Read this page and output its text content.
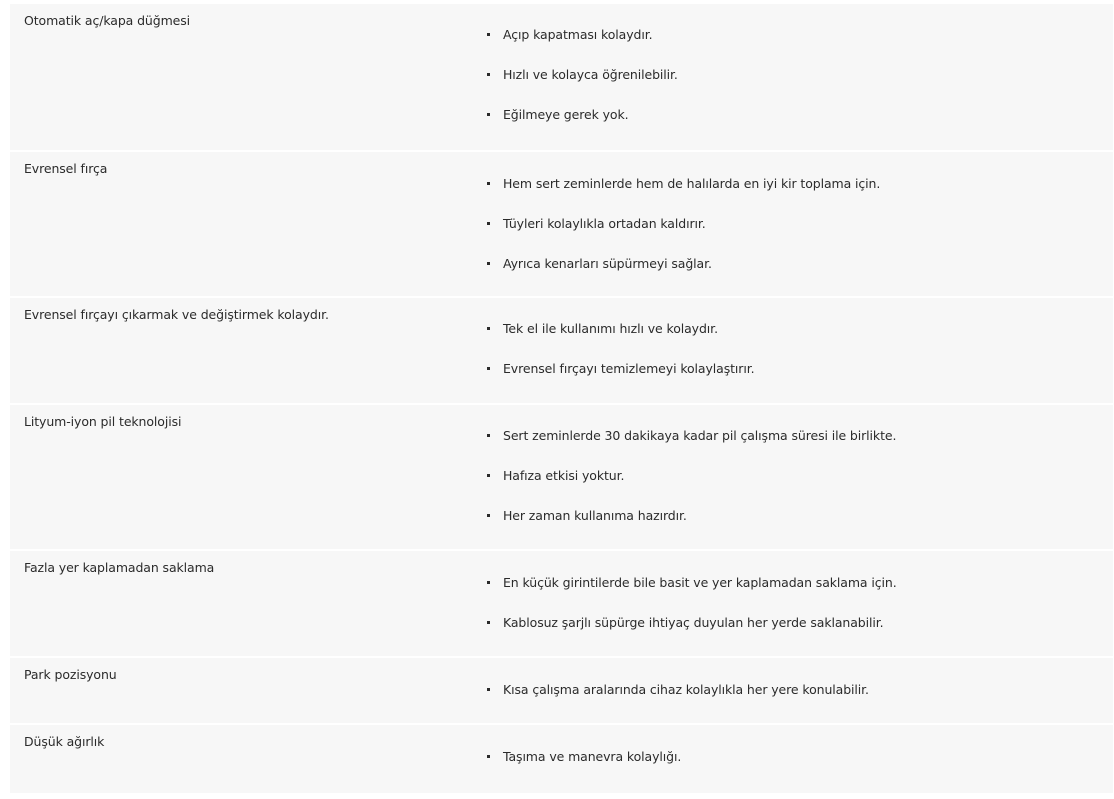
Otomatik aç/kapa düğmesi
Açıp kapatması kolaydır.
Hızlı ve kolayca öğrenilebilir.
Eğilmeye gerek yok.
Evrensel fırça
Hem sert zeminlerde hem de halılarda en iyi kir toplama için.
Tüyleri kolaylıkla ortadan kaldırır.
Ayrıca kenarları süpürmeyi sağlar.
Evrensel fırçayı çıkarmak ve değiştirmek kolaydır.
Tek el ile kullanımı hızlı ve kolaydır.
Evrensel fırçayı temizlemeyi kolaylaştırır.
Lityum-iyon pil teknolojisi
Sert zeminlerde 30 dakikaya kadar pil çalışma süresi ile birlikte.
Hafıza etkisi yoktur.
Her zaman kullanıma hazırdır.
Fazla yer kaplamadan saklama
En küçük girintilerde bile basit ve yer kaplamadan saklama için.
Kablosuz şarjlı süpürge ihtiyaç duyulan her yerde saklanabilir.
Park pozisyonu
Kısa çalışma aralarında cihaz kolaylıkla her yere konulabilir.
Düşük ağırlık
Taşıma ve manevra kolaylığı.
